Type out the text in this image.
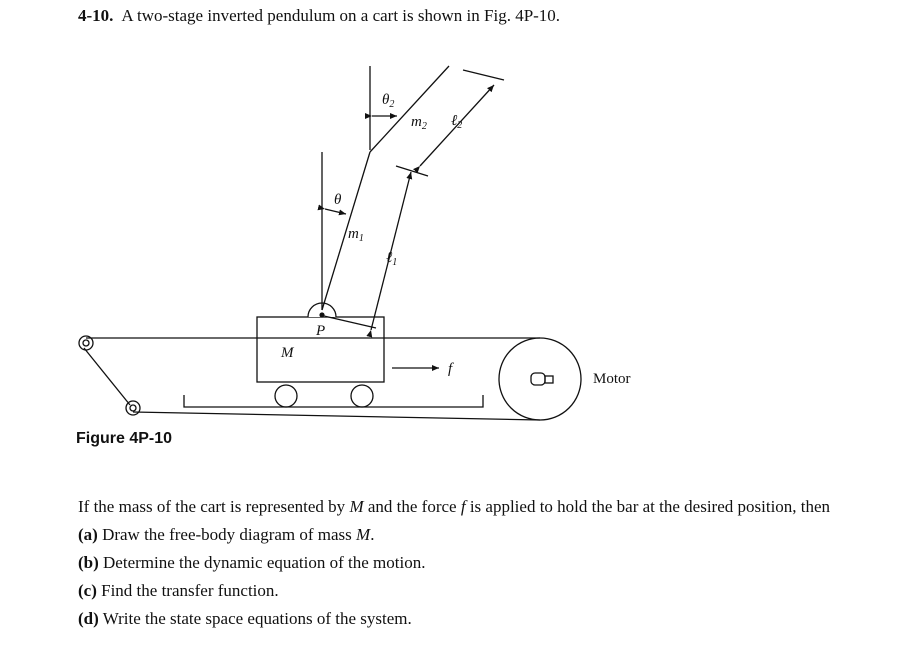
4-10. A two-stage inverted pendulum on a cart is shown in Fig. 4P-10.
$\theta_2$
$m_2$ ℓ$_2$
θ
$m_1$
ℓ$_1$
P
M
f
Motor
Figure 4P-10

If the mass of the cart is represented by M and the force f is applied to hold the bar at the desired position, then

(a) Draw the free-body diagram of mass M.
(b) Determine the dynamic equation of the motion.
(c) Find the transfer function.
(d) Write the state space equations of the system.
